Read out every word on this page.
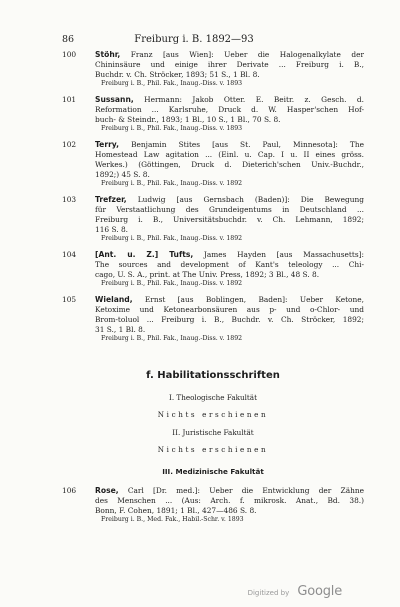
86	Freiburg i. B. 1892—93
100 Stöhr, Franz [aus Wien]: Ueber die Halogenalkylate der
Chininsäure und einige ihrer Derivate ... Freiburg i. B.,
Buchdr. v. Ch. Ströcker, 1893; 51 S., 1 Bl. 8.
Freiburg i. B., Phil. Fak., Inaug.-Diss. v. 1893
101 Sussann, Hermann: Jakob Otter. E. Beitr. z. Gesch. d.
Reformation ... Karlsruhe, Druck d. W. Hasper'schen Hof-
buch- & Steindr., 1893; 1 Bl., 10 S., 1 Bl., 70 S. 8.
Freiburg i. B., Phil. Fak., Inaug.-Diss. v. 1893
102 Terry, Benjamin Stites [aus St. Paul, Minnesota]: The
Homestead Law agitation ... (Einl. u. Cap. I u. II eines gröss.
Werkes.) (Göttingen, Druck d. Dieterich'schen Univ.-Buchdr.,
1892;) 45 S. 8.
Freiburg i. B., Phil. Fak., Inaug.-Diss. v. 1892
103 Trefzer, Ludwig [aus Gernsbach (Baden)]: Die Bewegung
für Verstaatlichung des Grundeigentums in Deutschland ...
Freiburg i. B., Universitätsbuchdr. v. Ch. Lehmann, 1892;
116 S. 8.
Freiburg i. B., Phil. Fak., Inaug.-Diss. v. 1892
104 [Ant. u. Z.] Tufts, James Hayden [aus Massachusetts]:
The sources and development of Kant's teleology ... Chi-
cago, U. S. A., print. at The Univ. Press, 1892; 3 Bl., 48 S. 8.
Freiburg i. B., Phil. Fak., Inaug.-Diss. v. 1892
105 Wieland, Ernst [aus Boblingen, Baden]: Ueber Ketone,
Ketoxime und Ketonearbonsäuren aus p- und o-Chlor- und
Brom-toluol ... Freiburg i. B., Buchdr. v. Ch. Ströcker, 1892;
31 S., 1 Bl. 8.
Freiburg i. B., Phil. Fak., Inaug.-Diss. v. 1892
f. Habilitationsschriften
I. Theologische Fakultät
Nichts erschienen
II. Juristische Fakultät
Nichts erschienen
III. Medizinische Fakultät
106 Rose, Carl [Dr. med.]: Ueber die Entwicklung der Zähne
des Menschen ... (Aus: Arch. f. mikrosk. Anat., Bd. 38.)
Bonn, F. Cohen, 1891; 1 Bl., 427—486 S. 8.
Freiburg i. B., Med. Fak., Habil.-Schr. v. 1893
Digitized by Google
